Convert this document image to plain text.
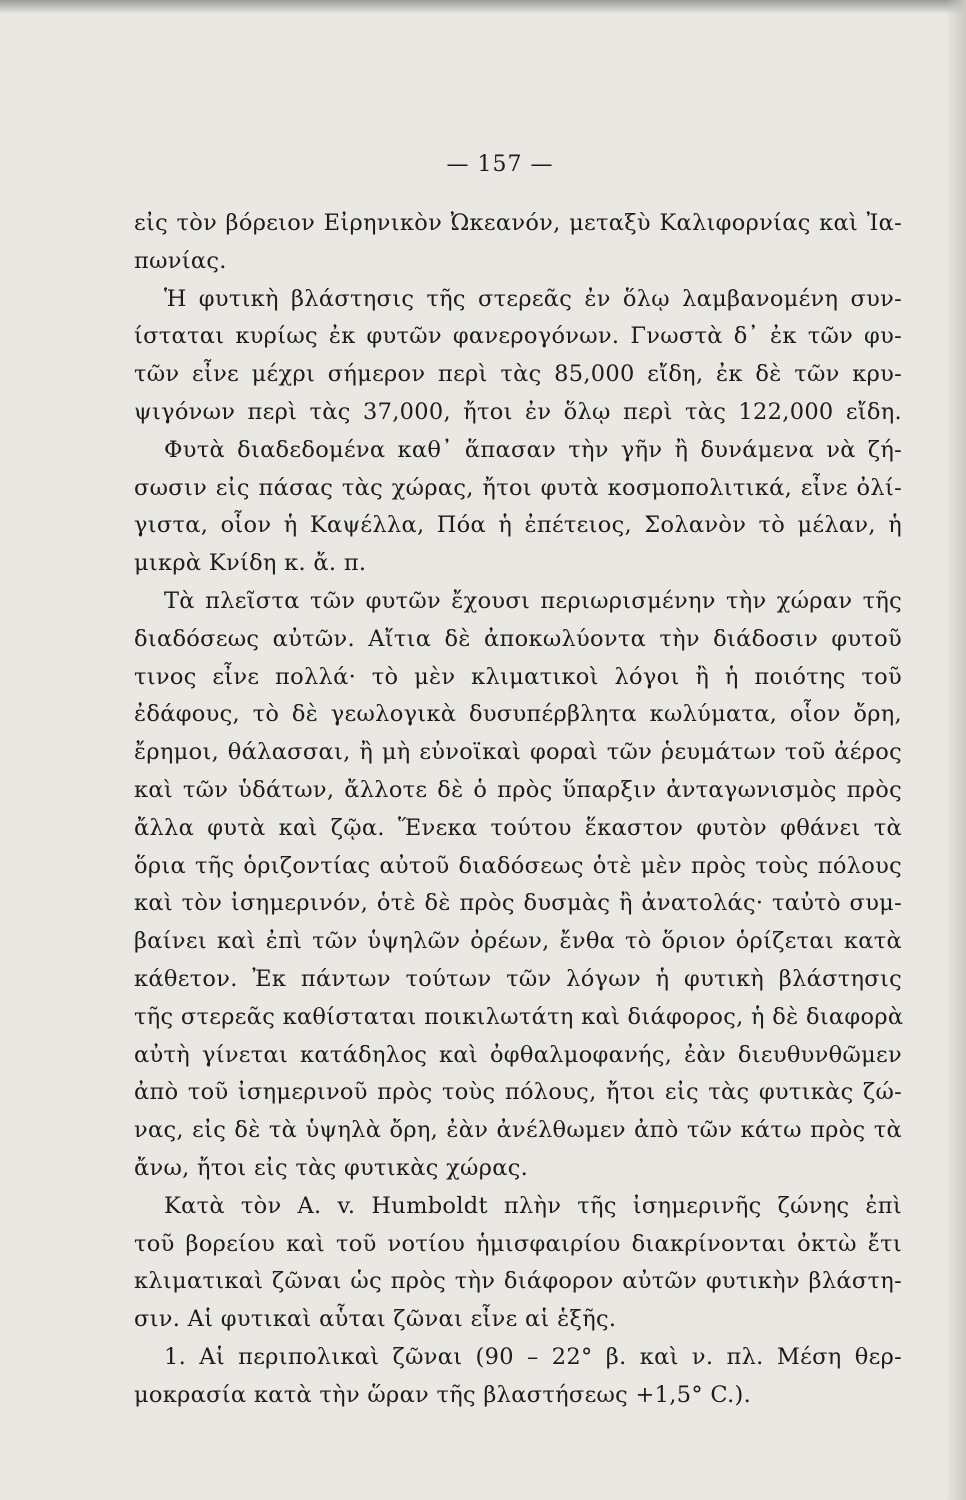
— 157 —
εἰς τὸν βόρειον Εἰρηνικὸν Ὠκεανόν, μεταξὺ Καλιφορνίας καὶ Ἰα-
πωνίας.
Ἡ φυτικὴ βλάστησις τῆς στερεᾶς ἐν ὅλῳ λαμβανομένη συν-
ίσταται κυρίως ἐκ φυτῶν φανερογόνων. Γνωστὰ δ᾽ ἐκ τῶν φυ-
τῶν εἶνε μέχρι σήμερον περὶ τὰς 85,000 εἴδη, ἐκ δὲ τῶν κρυ-
ψιγόνων περὶ τὰς 37,000, ἤτοι ἐν ὅλῳ περὶ τὰς 122,000 εἴδη.
Φυτὰ διαδεδομένα καθ᾽ ἅπασαν τὴν γῆν ἢ δυνάμενα νὰ ζή-
σωσιν εἰς πάσας τὰς χώρας, ἤτοι φυτὰ κοσμοπολιτικά, εἶνε ὀλί-
γιστα, οἷον ἡ Καψέλλα, Πόα ἡ ἐπέτειος, Σολανὸν τὸ μέλαν, ἡ
μικρὰ Κνίδη κ. ἄ. π.
Τὰ πλεῖστα τῶν φυτῶν ἔχουσι περιωρισμένην τὴν χώραν τῆς
διαδόσεως αὐτῶν. Αἴτια δὲ ἀποκωλύοντα τὴν διάδοσιν φυτοῦ
τινος εἶνε πολλά· τὸ μὲν κλιματικοὶ λόγοι ἢ ἡ ποιότης τοῦ
ἐδάφους, τὸ δὲ γεωλογικὰ δυσυπέρβλητα κωλύματα, οἷον ὄρη,
ἔρημοι, θάλασσαι, ἢ μὴ εὐνοϊκαὶ φοραὶ τῶν ῥευμάτων τοῦ ἀέρος
καὶ τῶν ὑδάτων, ἄλλοτε δὲ ὁ πρὸς ὕπαρξιν ἀνταγωνισμὸς πρὸς
ἄλλα φυτὰ καὶ ζῷα. Ἕνεκα τούτου ἕκαστον φυτὸν φθάνει τὰ
ὅρια τῆς ὁριζοντίας αὐτοῦ διαδόσεως ὁτὲ μὲν πρὸς τοὺς πόλους
καὶ τὸν ἰσημερινόν, ὁτὲ δὲ πρὸς δυσμὰς ἢ ἀνατολάς· ταὐτὸ συμ-
βαίνει καὶ ἐπὶ τῶν ὑψηλῶν ὀρέων, ἔνθα τὸ ὅριον ὁρίζεται κατὰ
κάθετον. Ἐκ πάντων τούτων τῶν λόγων ἡ φυτικὴ βλάστησις
τῆς στερεᾶς καθίσταται ποικιλωτάτη καὶ διάφορος, ἡ δὲ διαφορὰ
αὐτὴ γίνεται κατάδηλος καὶ ὀφθαλμοφανής, ἐὰν διευθυνθῶμεν
ἀπὸ τοῦ ἰσημερινοῦ πρὸς τοὺς πόλους, ἤτοι εἰς τὰς φυτικὰς ζώ-
νας, εἰς δὲ τὰ ὑψηλὰ ὄρη, ἐὰν ἀνέλθωμεν ἀπὸ τῶν κάτω πρὸς τὰ
ἄνω, ἤτοι εἰς τὰς φυτικὰς χώρας.
Κατὰ τὸν A. v. Humboldt πλὴν τῆς ἰσημερινῆς ζώνης ἐπὶ
τοῦ βορείου καὶ τοῦ νοτίου ἡμισφαιρίου διακρίνονται ὀκτὼ ἔτι
κλιματικαὶ ζῶναι ὡς πρὸς τὴν διάφορον αὐτῶν φυτικὴν βλάστη-
σιν. Αἱ φυτικαὶ αὗται ζῶναι εἶνε αἱ ἑξῆς.
1. Αἱ περιπολικαὶ ζῶναι (90 – 22° β. καὶ ν. πλ. Μέση θερ-
μοκρασία κατὰ τὴν ὥραν τῆς βλαστήσεως +1,5° C.).
